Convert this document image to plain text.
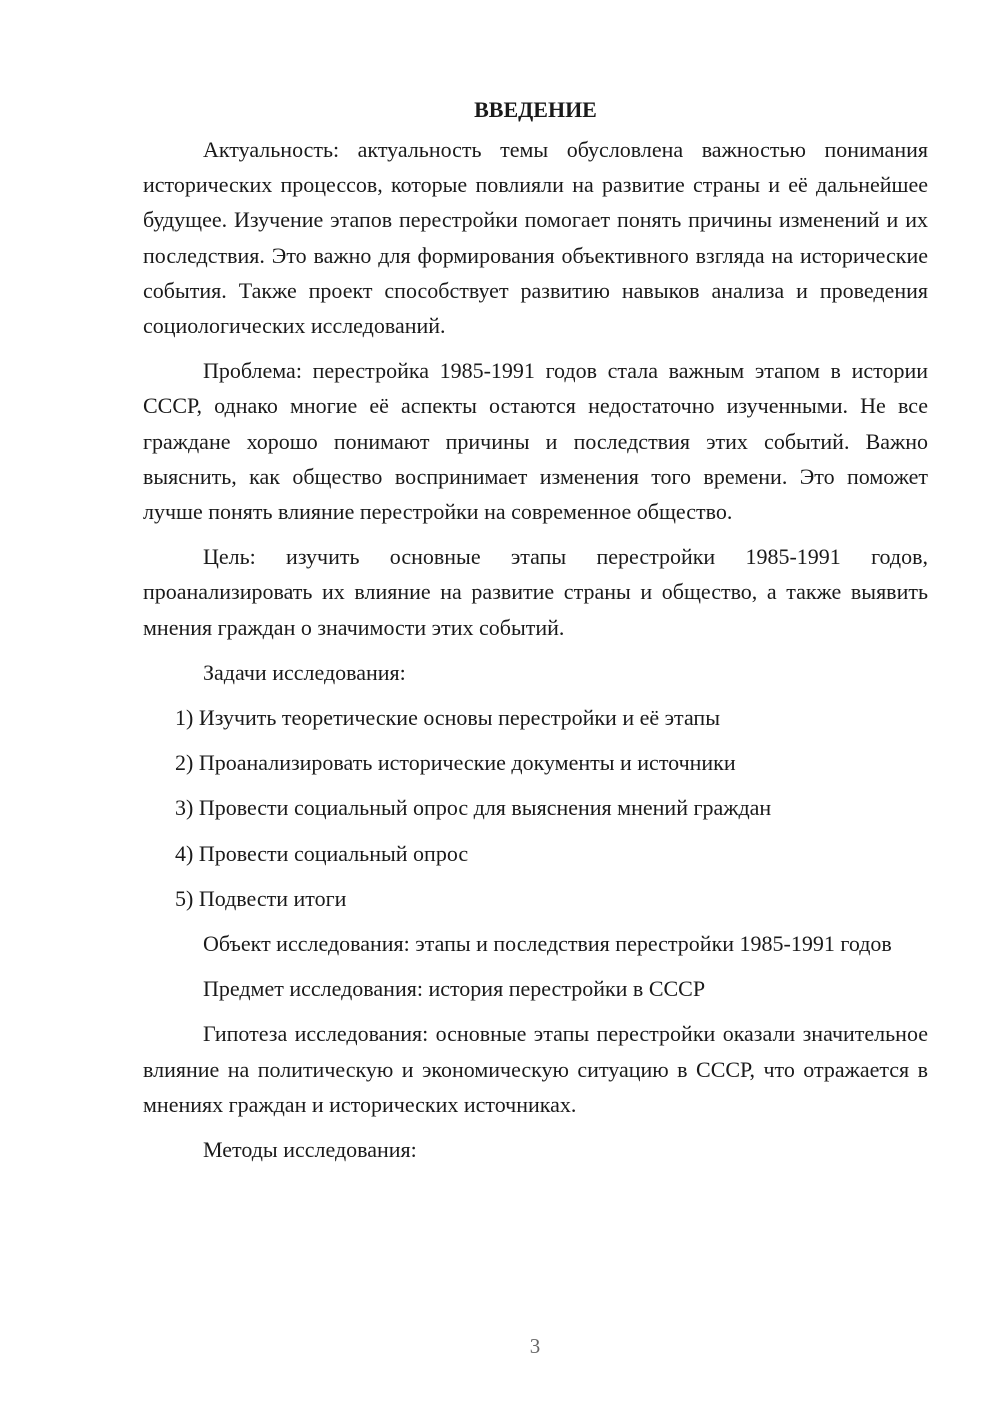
ВВЕДЕНИЕ

Актуальность: актуальность темы обусловлена важностью понимания исторических процессов, которые повлияли на развитие страны и её дальнейшее будущее. Изучение этапов перестройки помогает понять причины изменений и их последствия. Это важно для формирования объективного взгляда на исторические события. Также проект способствует развитию навыков анализа и проведения социологических исследований.

Проблема: перестройка 1985-1991 годов стала важным этапом в истории СССР, однако многие её аспекты остаются недостаточно изученными. Не все граждане хорошо понимают причины и последствия этих событий. Важно выяснить, как общество воспринимает изменения того времени. Это поможет лучше понять влияние перестройки на современное общество.

Цель: изучить основные этапы перестройки 1985-1991 годов, проанализировать их влияние на развитие страны и общество, а также выявить мнения граждан о значимости этих событий.

Задачи исследования:

1) Изучить теоретические основы перестройки и её этапы
2) Проанализировать исторические документы и источники
3) Провести социальный опрос для выяснения мнений граждан
4) Провести социальный опрос
5) Подвести итоги

Объект исследования: этапы и последствия перестройки 1985-1991 годов

Предмет исследования: история перестройки в СССР

Гипотеза исследования: основные этапы перестройки оказали значительное влияние на политическую и экономическую ситуацию в СССР, что отражается в мнениях граждан и исторических источниках.

Методы исследования:

3
